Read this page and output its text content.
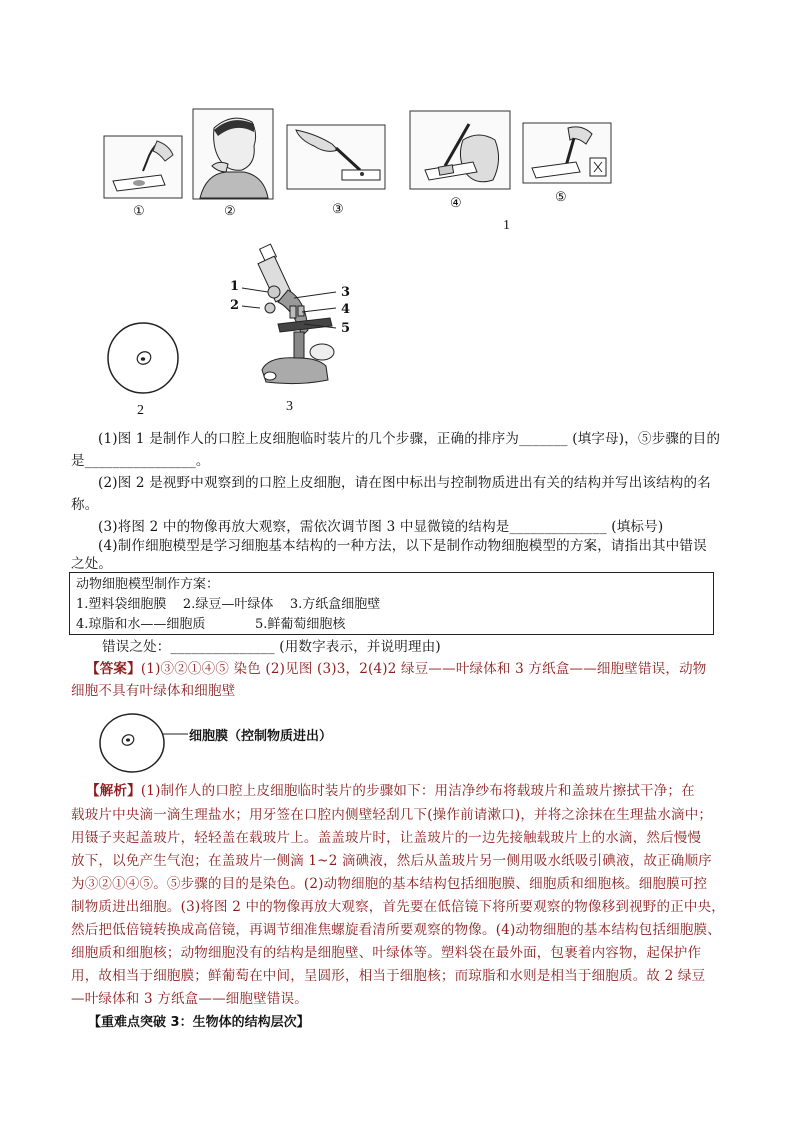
①	②	③	④	⑤
1
2
1
2
3
4
5
3
(1)图 1 是制作人的口腔上皮细胞临时装片的几个步骤，正确的排序为_______ (填字母)，⑤步骤的目的
是________________。
(2)图 2 是视野中观察到的口腔上皮细胞，请在图中标出与控制物质进出有关的结构并写出该结构的名
称。
(3)将图 2 中的物像再放大观察，需依次调节图 3 中显微镜的结构是______________ (填标号)
(4)制作细胞模型是学习细胞基本结构的一种方法，以下是制作动物细胞模型的方案，请指出其中错误
之处。
动物细胞模型制作方案：
1.塑料袋细胞膜    2.绿豆—叶绿体    3.方纸盒细胞壁
4.琼脂和水——细胞质            5.鲜葡萄细胞核
错误之处：_______________ (用数字表示，并说明理由)
【答案】(1)③②①④⑤ 染色 (2)见图 (3)3，2(4)2 绿豆——叶绿体和 3 方纸盒——细胞壁错误，动物
细胞不具有叶绿体和细胞壁
细胞膜（控制物质进出）
【解析】(1)制作人的口腔上皮细胞临时装片的步骤如下：用洁净纱布将载玻片和盖玻片擦拭干净；在
载玻片中央滴一滴生理盐水；用牙签在口腔内侧壁轻刮几下(操作前请漱口)，并将之涂抹在生理盐水滴中；
用镊子夹起盖玻片，轻轻盖在载玻片上。盖盖玻片时，让盖玻片的一边先接触载玻片上的水滴，然后慢慢
放下，以免产生气泡；在盖玻片一侧滴 1~2 滴碘液，然后从盖玻片另一侧用吸水纸吸引碘液，故正确顺序
为③②①④⑤。⑤步骤的目的是染色。(2)动物细胞的基本结构包括细胞膜、细胞质和细胞核。细胞膜可控
制物质进出细胞。(3)将图 2 中的物像再放大观察，首先要在低倍镜下将所要观察的物像移到视野的正中央，
然后把低倍镜转换成高倍镜，再调节细准焦螺旋看清所要观察的物像。(4)动物细胞的基本结构包括细胞膜、
细胞质和细胞核；动物细胞没有的结构是细胞壁、叶绿体等。塑料袋在最外面，包裹着内容物，起保护作
用，故相当于细胞膜；鲜葡萄在中间，呈圆形，相当于细胞核；而琼脂和水则是相当于细胞质。故 2 绿豆
—叶绿体和 3 方纸盒——细胞壁错误。
【重难点突破 3：生物体的结构层次】
